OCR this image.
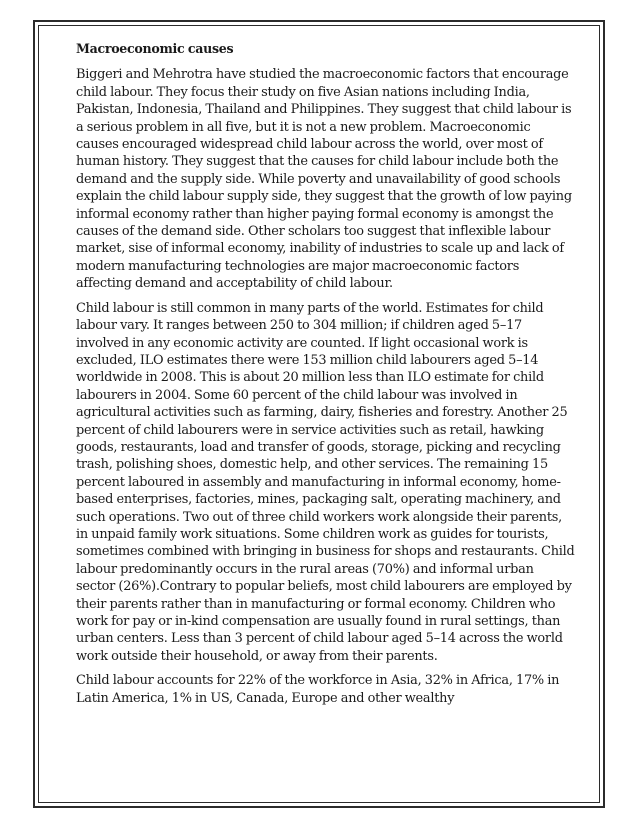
Macroeconomic causes

Biggeri and Mehrotra have studied the macroeconomic factors that encourage child labour. They focus their study on five Asian nations including India, Pakistan, Indonesia, Thailand and Philippines. They suggest that child labour is a serious problem in all five, but it is not a new problem. Macroeconomic causes encouraged widespread child labour across the world, over most of human history. They suggest that the causes for child labour include both the demand and the supply side. While poverty and unavailability of good schools explain the child labour supply side, they suggest that the growth of low paying informal economy rather than higher paying formal economy is amongst the causes of the demand side. Other scholars too suggest that inflexible labour market, sise of informal economy, inability of industries to scale up and lack of modern manufacturing technologies are major macroeconomic factors affecting demand and acceptability of child labour.

Child labour is still common in many parts of the world. Estimates for child labour vary. It ranges between 250 to 304 million; if children aged 5–17 involved in any economic activity are counted. If light occasional work is excluded, ILO estimates there were 153 million child labourers aged 5–14 worldwide in 2008. This is about 20 million less than ILO estimate for child labourers in 2004. Some 60 percent of the child labour was involved in agricultural activities such as farming, dairy, fisheries and forestry. Another 25 percent of child labourers were in service activities such as retail, hawking goods, restaurants, load and transfer of goods, storage, picking and recycling trash, polishing shoes, domestic help, and other services. The remaining 15 percent laboured in assembly and manufacturing in informal economy, home-based enterprises, factories, mines, packaging salt, operating machinery, and such operations. Two out of three child workers work alongside their parents, in unpaid family work situations. Some children work as guides for tourists, sometimes combined with bringing in business for shops and restaurants. Child labour predominantly occurs in the rural areas (70%) and informal urban sector (26%).Contrary to popular beliefs, most child labourers are employed by their parents rather than in manufacturing or formal economy. Children who work for pay or in-kind compensation are usually found in rural settings, than urban centers. Less than 3 percent of child labour aged 5–14 across the world work outside their household, or away from their parents.

Child labour accounts for 22% of the workforce in Asia, 32% in Africa, 17% in Latin America, 1% in US, Canada, Europe and other wealthy
